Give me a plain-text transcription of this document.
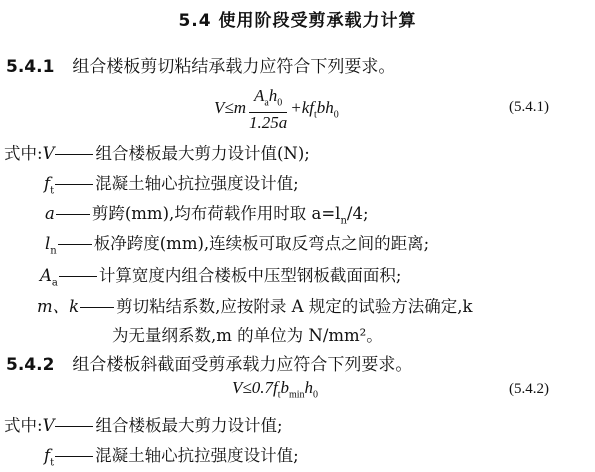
5.4 使用阶段受剪承载力计算
5.4.1 组合楼板剪切粘结承载力应符合下列要求。
$V\le m \frac{A_ah_0}{1.25a} +kf_tbh_0$	(5.4.1)
式中:V 组合楼板最大剪力设计值(N);
$f_t$ 混凝土轴心抗拉强度设计值;
a 剪跨(mm),均布荷载作用时取 $a=l_n/4$;
$l_n$ 板净跨度(mm),连续板可取反弯点之间的距离;
$A_a$ 计算宽度内组合楼板中压型钢板截面面积;
m、k 剪切粘结系数,应按附录 A 规定的试验方法确定,k
为无量纲系数,m 的单位为 N/mm²。
5.4.2 组合楼板斜截面受剪承载力应符合下列要求。
$V\le 0.7f_tb_{min}h_0$	(5.4.2)
式中:V 组合楼板最大剪力设计值;
$f_t$ 混凝土轴心抗拉强度设计值;
